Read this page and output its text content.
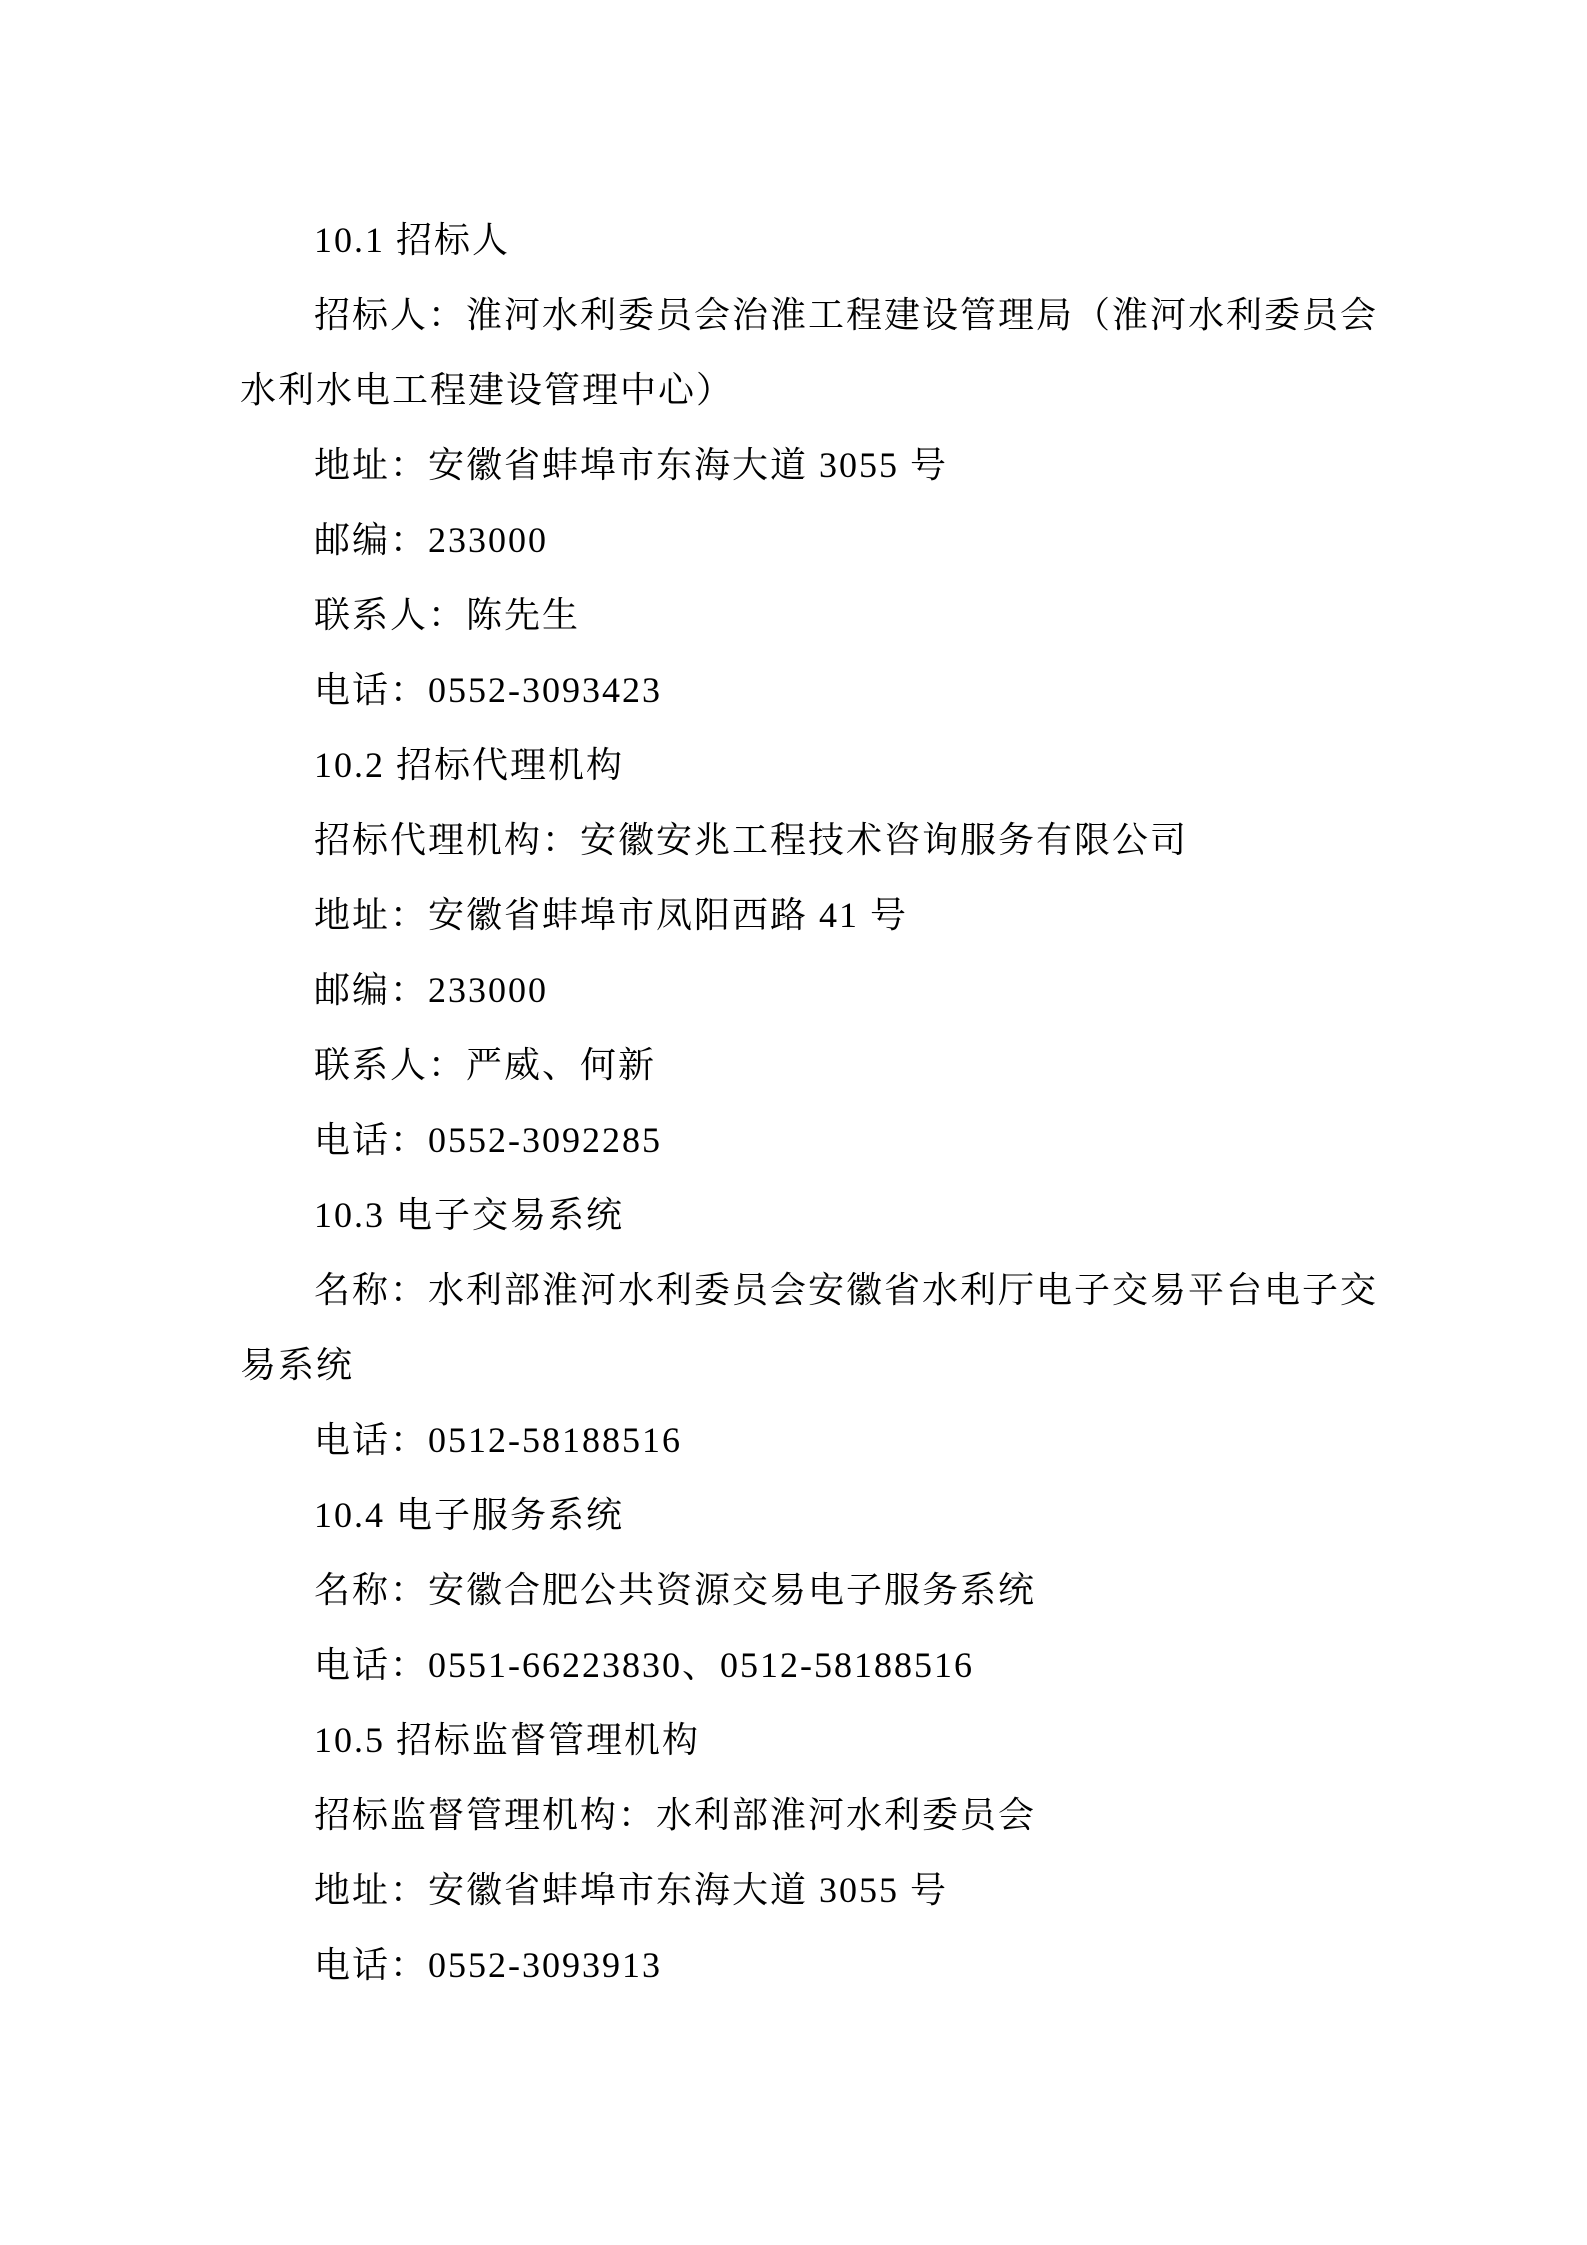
10.1 招标人
招标人：淮河水利委员会治淮工程建设管理局（淮河水利委员会
水利水电工程建设管理中心）
地址：安徽省蚌埠市东海大道 3055 号
邮编：233000
联系人：陈先生
电话：0552-3093423
10.2 招标代理机构
招标代理机构：安徽安兆工程技术咨询服务有限公司
地址：安徽省蚌埠市凤阳西路 41 号
邮编：233000
联系人：严威、何新
电话：0552-3092285
10.3 电子交易系统
名称：水利部淮河水利委员会安徽省水利厅电子交易平台电子交
易系统
电话：0512-58188516
10.4 电子服务系统
名称：安徽合肥公共资源交易电子服务系统
电话：0551-66223830、0512-58188516
10.5 招标监督管理机构
招标监督管理机构：水利部淮河水利委员会
地址：安徽省蚌埠市东海大道 3055 号
电话：0552-3093913
